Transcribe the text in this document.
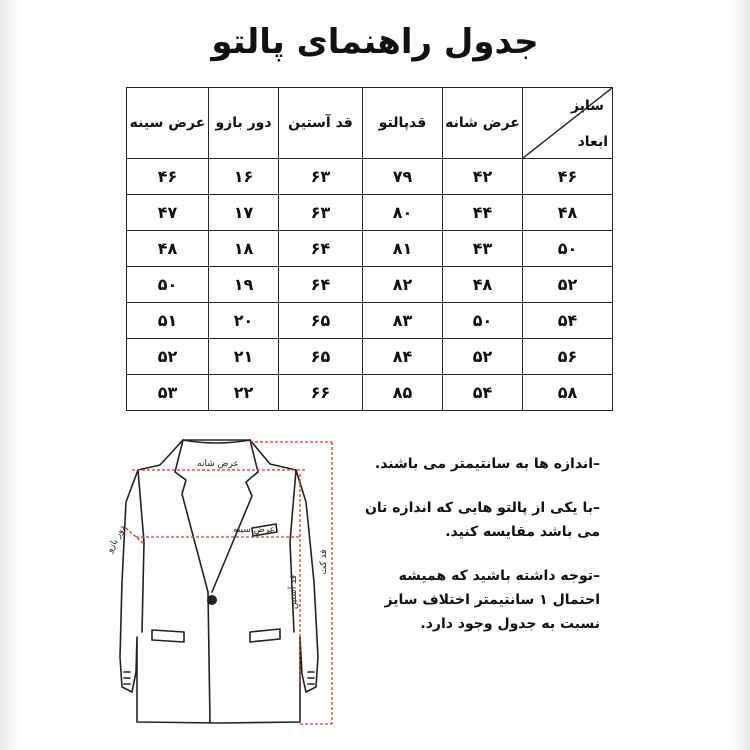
جدول راهنمای پالتو
سایز
ابعاد	عرض شانه	قدپالتو	قد آستین	دور بازو	عرض سینه
۴۶	۴۲	۷۹	۶۳	۱۶	۴۶
۴۸	۴۴	۸۰	۶۳	۱۷	۴۷
۵۰	۴۳	۸۱	۶۴	۱۸	۴۸
۵۲	۴۸	۸۲	۶۴	۱۹	۵۰
۵۴	۵۰	۸۳	۶۵	۲۰	۵۱
۵۶	۵۲	۸۴	۶۵	۲۱	۵۲
۵۸	۵۴	۸۵	۶۶	۲۲	۵۳
عرض شانه
عرض سینه
دور بازو
قد آستین
قد کت

–اندازه ها به سانتیمتر می باشند.

–با یکی از پالتو هایی که اندازه تان می باشد مقایسه کنید.

–توجه داشته باشید که همیشه احتمال ۱ سانتیمتر اختلاف سایز نسبت به جدول وجود دارد.
